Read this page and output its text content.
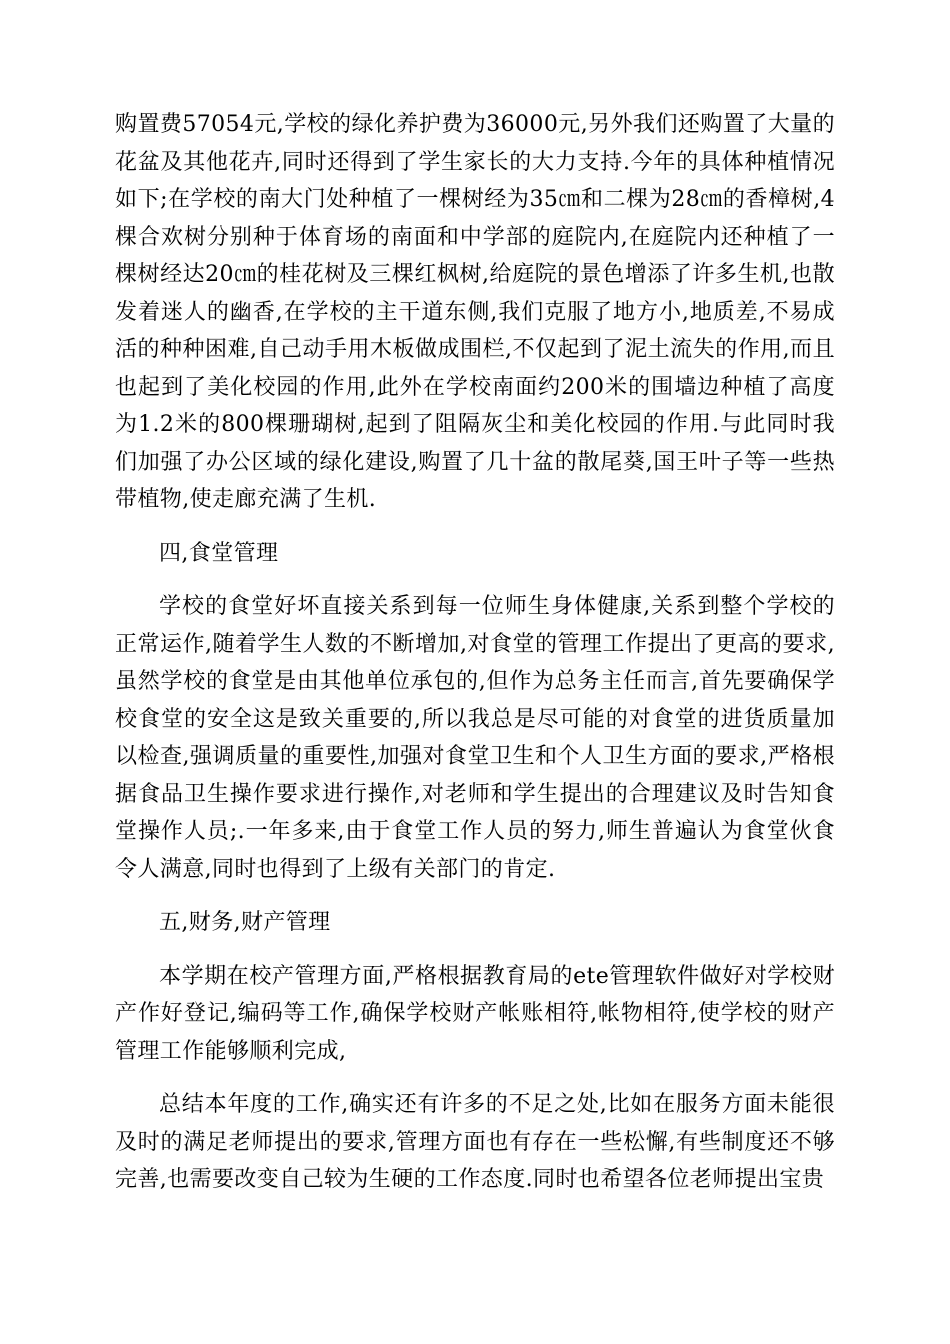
购置费57054元,学校的绿化养护费为36000元,另外我们还购置了大量的花盆及其他花卉,同时还得到了学生家长的大力支持.今年的具体种植情况如下;在学校的南大门处种植了一棵树经为35㎝和二棵为28㎝的香樟树,4棵合欢树分别种于体育场的南面和中学部的庭院内,在庭院内还种植了一棵树经达20㎝的桂花树及三棵红枫树,给庭院的景色增添了许多生机,也散发着迷人的幽香,在学校的主干道东侧,我们克服了地方小,地质差,不易成活的种种困难,自己动手用木板做成围栏,不仅起到了泥土流失的作用,而且也起到了美化校园的作用,此外在学校南面约200米的围墙边种植了高度为1.2米的800棵珊瑚树,起到了阻隔灰尘和美化校园的作用.与此同时我们加强了办公区域的绿化建设,购置了几十盆的散尾葵,国王叶子等一些热带植物,使走廊充满了生机.

四,食堂管理

学校的食堂好坏直接关系到每一位师生身体健康,关系到整个学校的正常运作,随着学生人数的不断增加,对食堂的管理工作提出了更高的要求,虽然学校的食堂是由其他单位承包的,但作为总务主任而言,首先要确保学校食堂的安全这是致关重要的,所以我总是尽可能的对食堂的进货质量加以检查,强调质量的重要性,加强对食堂卫生和个人卫生方面的要求,严格根据食品卫生操作要求进行操作,对老师和学生提出的合理建议及时告知食堂操作人员;.一年多来,由于食堂工作人员的努力,师生普遍认为食堂伙食令人满意,同时也得到了上级有关部门的肯定.

五,财务,财产管理

本学期在校产管理方面,严格根据教育局的ete管理软件做好对学校财产作好登记,编码等工作,确保学校财产帐账相符,帐物相符,使学校的财产管理工作能够顺利完成,

总结本年度的工作,确实还有许多的不足之处,比如在服务方面未能很及时的满足老师提出的要求,管理方面也有存在一些松懈,有些制度还不够完善,也需要改变自己较为生硬的工作态度.同时也希望各位老师提出宝贵
